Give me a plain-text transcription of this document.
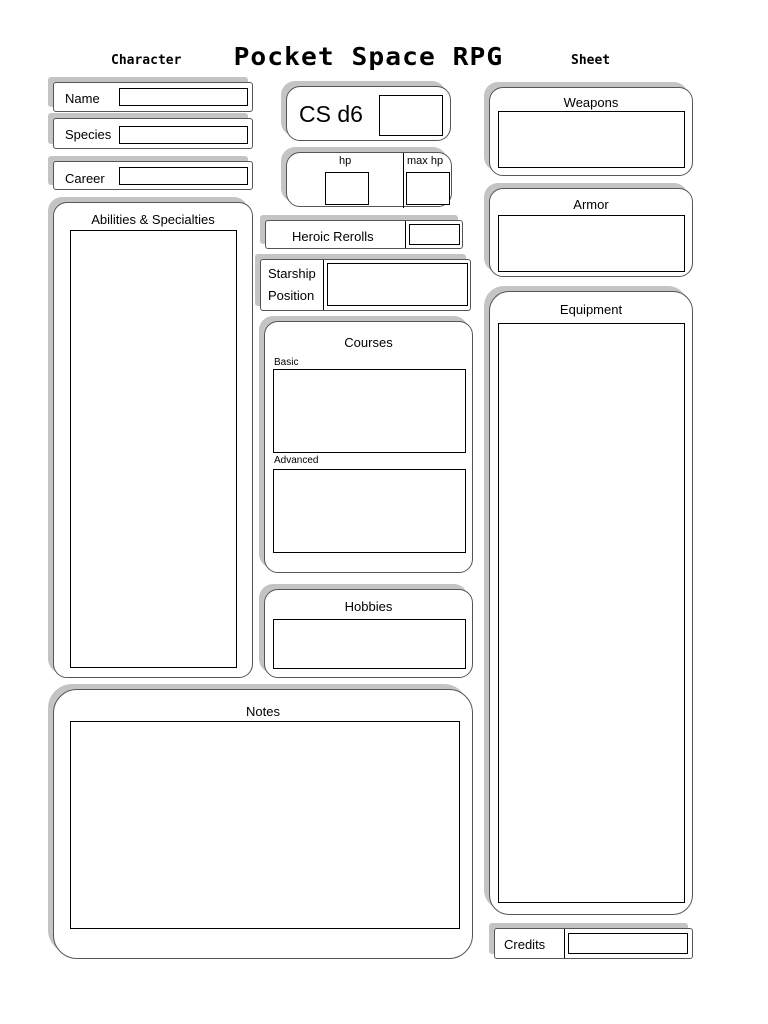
Character Pocket Space RPG	Sheet
Name
Species
Career
Abilities & Specialties
CS d6
hp	max hp
Heroic Rerolls
Starship
Position
Courses
Basic
Advanced
Hobbies
Notes
Weapons
Armor
Equipment
Credits
